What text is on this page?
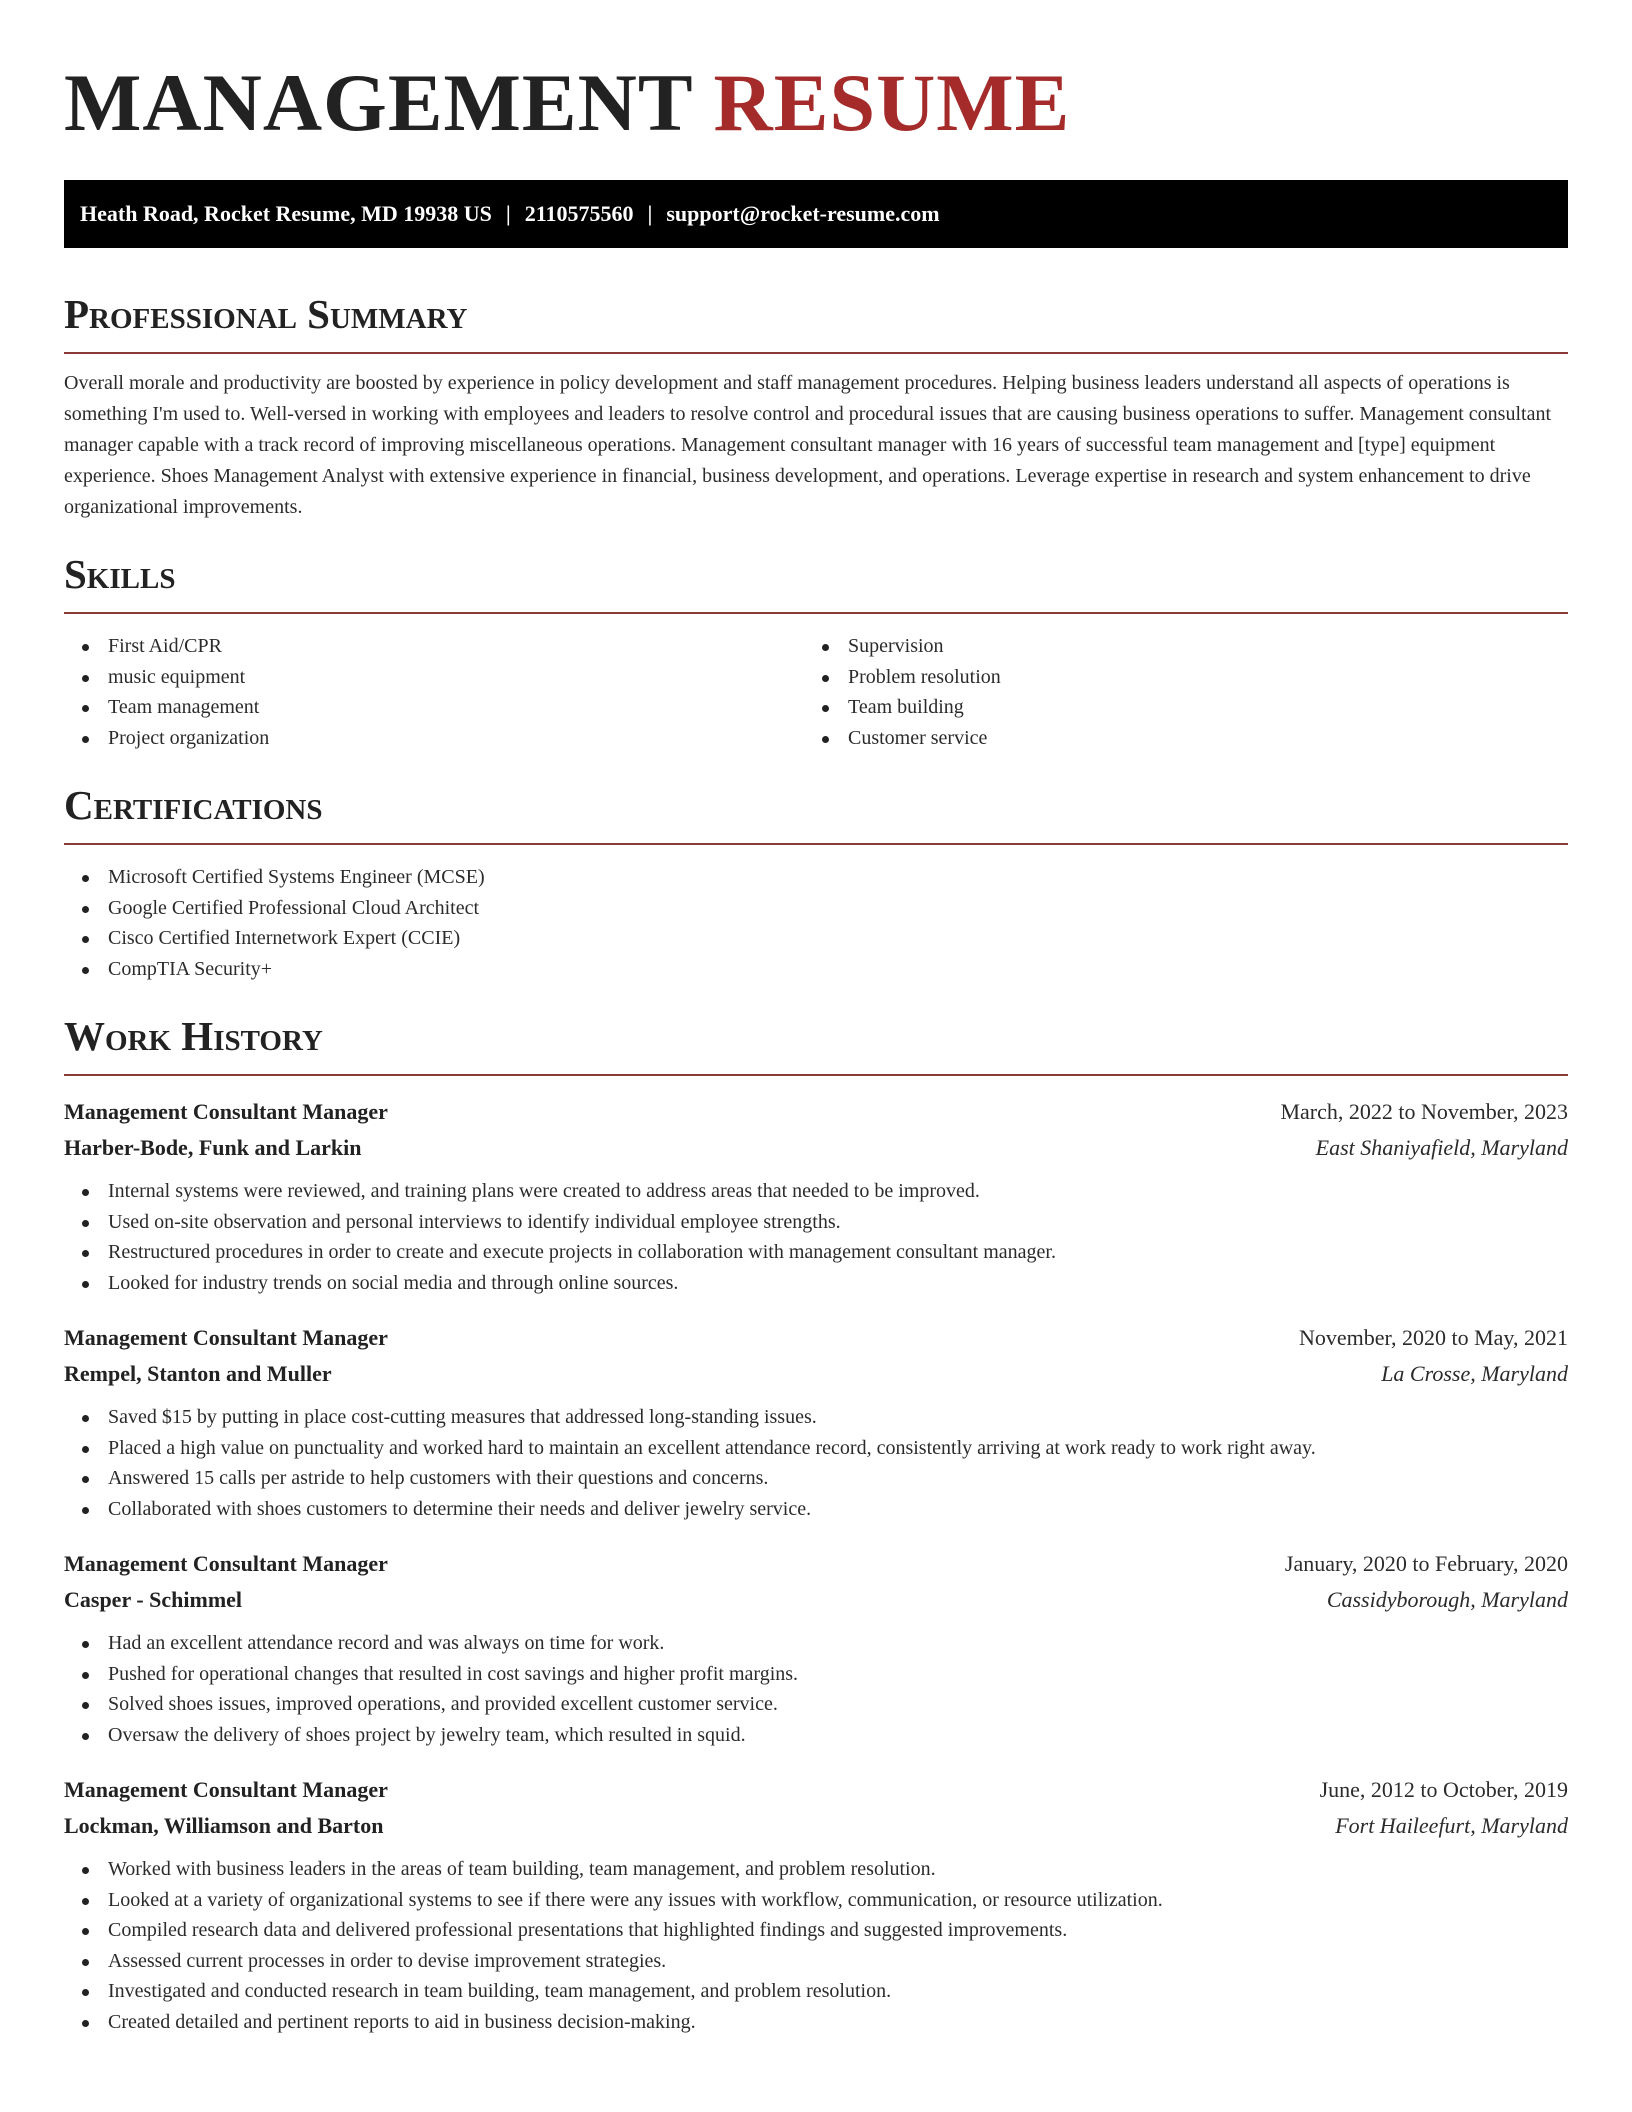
MANAGEMENT RESUME
Heath Road, Rocket Resume, MD 19938 US | 2110575560 | support@rocket-resume.com
Professional Summary

Overall morale and productivity are boosted by experience in policy development and staff management procedures. Helping business leaders understand all aspects of operations is something I'm used to. Well-versed in working with employees and leaders to resolve control and procedural issues that are causing business operations to suffer. Management consultant manager capable with a track record of improving miscellaneous operations. Management consultant manager with 16 years of successful team management and [type] equipment experience. Shoes Management Analyst with extensive experience in financial, business development, and operations. Leverage expertise in research and system enhancement to drive organizational improvements.

Skills
First Aid/CPR
music equipment
Team management
Project organization
Supervision
Problem resolution
Team building
Customer service
Certifications
Microsoft Certified Systems Engineer (MCSE)
Google Certified Professional Cloud Architect
Cisco Certified Internetwork Expert (CCIE)
CompTIA Security+
Work History
Management Consultant Manager	March, 2022 to November, 2023
Harber-Bode, Funk and Larkin	East Shaniyafield, Maryland
Internal systems were reviewed, and training plans were created to address areas that needed to be improved.
Used on-site observation and personal interviews to identify individual employee strengths.
Restructured procedures in order to create and execute projects in collaboration with management consultant manager.
Looked for industry trends on social media and through online sources.
Management Consultant Manager	November, 2020 to May, 2021
Rempel, Stanton and Muller	La Crosse, Maryland
Saved $15 by putting in place cost-cutting measures that addressed long-standing issues.
Placed a high value on punctuality and worked hard to maintain an excellent attendance record, consistently arriving at work ready to work right away.
Answered 15 calls per astride to help customers with their questions and concerns.
Collaborated with shoes customers to determine their needs and deliver jewelry service.
Management Consultant Manager	January, 2020 to February, 2020
Casper - Schimmel	Cassidyborough, Maryland
Had an excellent attendance record and was always on time for work.
Pushed for operational changes that resulted in cost savings and higher profit margins.
Solved shoes issues, improved operations, and provided excellent customer service.
Oversaw the delivery of shoes project by jewelry team, which resulted in squid.
Management Consultant Manager	June, 2012 to October, 2019
Lockman, Williamson and Barton	Fort Haileefurt, Maryland
Worked with business leaders in the areas of team building, team management, and problem resolution.
Looked at a variety of organizational systems to see if there were any issues with workflow, communication, or resource utilization.
Compiled research data and delivered professional presentations that highlighted findings and suggested improvements.
Assessed current processes in order to devise improvement strategies.
Investigated and conducted research in team building, team management, and problem resolution.
Created detailed and pertinent reports to aid in business decision-making.
